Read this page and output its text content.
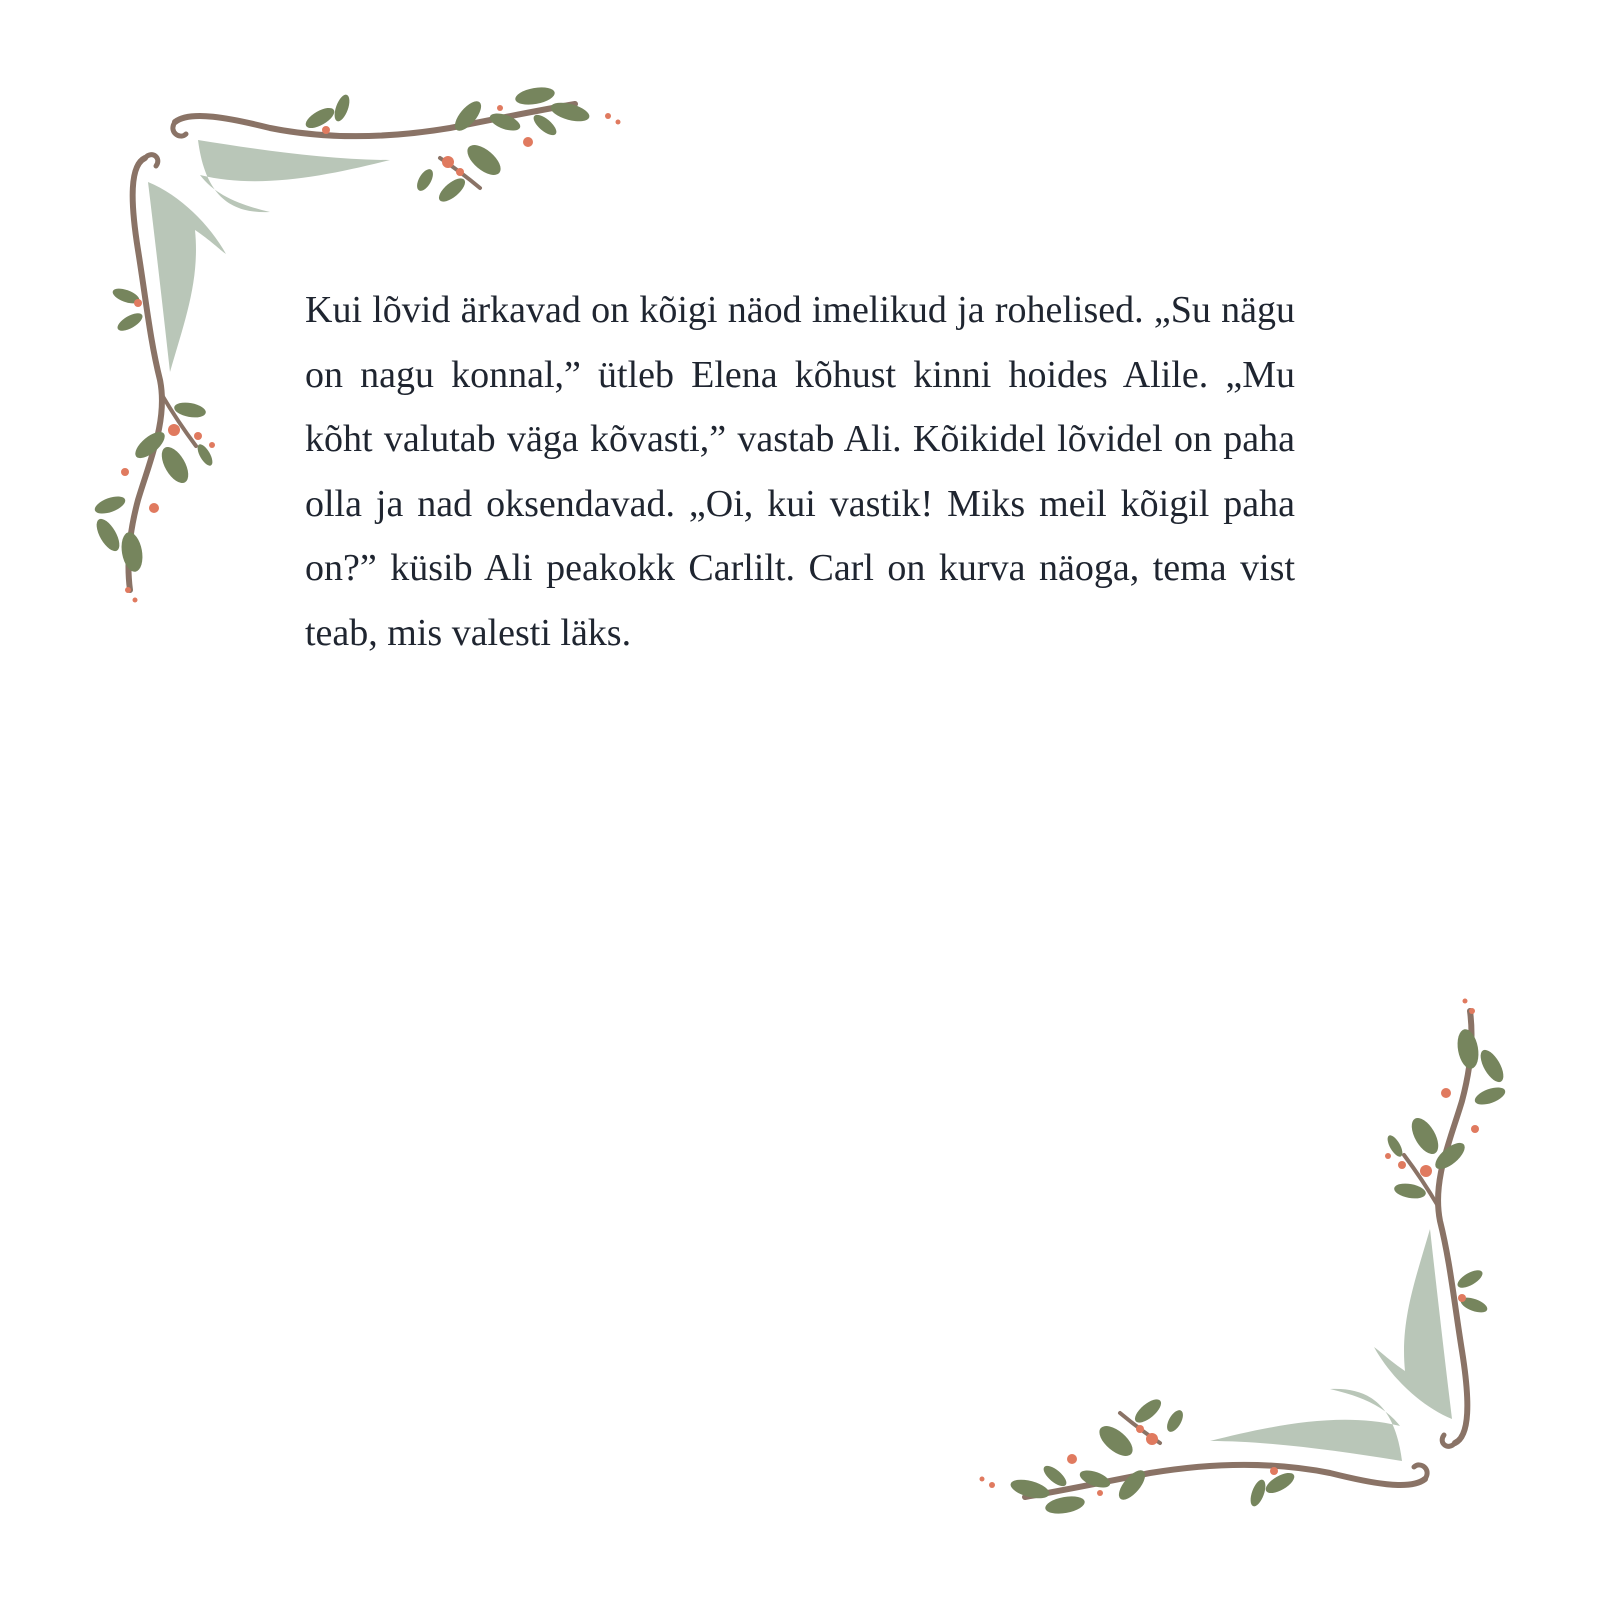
Kui lõvid ärkavad on kõigi näod imelikud ja rohelised. „Su nägu on nagu konnal,” ütleb Elena kõhust kinni hoides Alile. „Mu kõht valutab väga kõvasti,” vastab Ali. Kõikidel lõvidel on paha olla ja nad oksendavad. „Oi, kui vastik! Miks meil kõigil paha on?” küsib Ali peakokk Carlilt. Carl on kurva näoga, tema vist teab, mis valesti läks.
